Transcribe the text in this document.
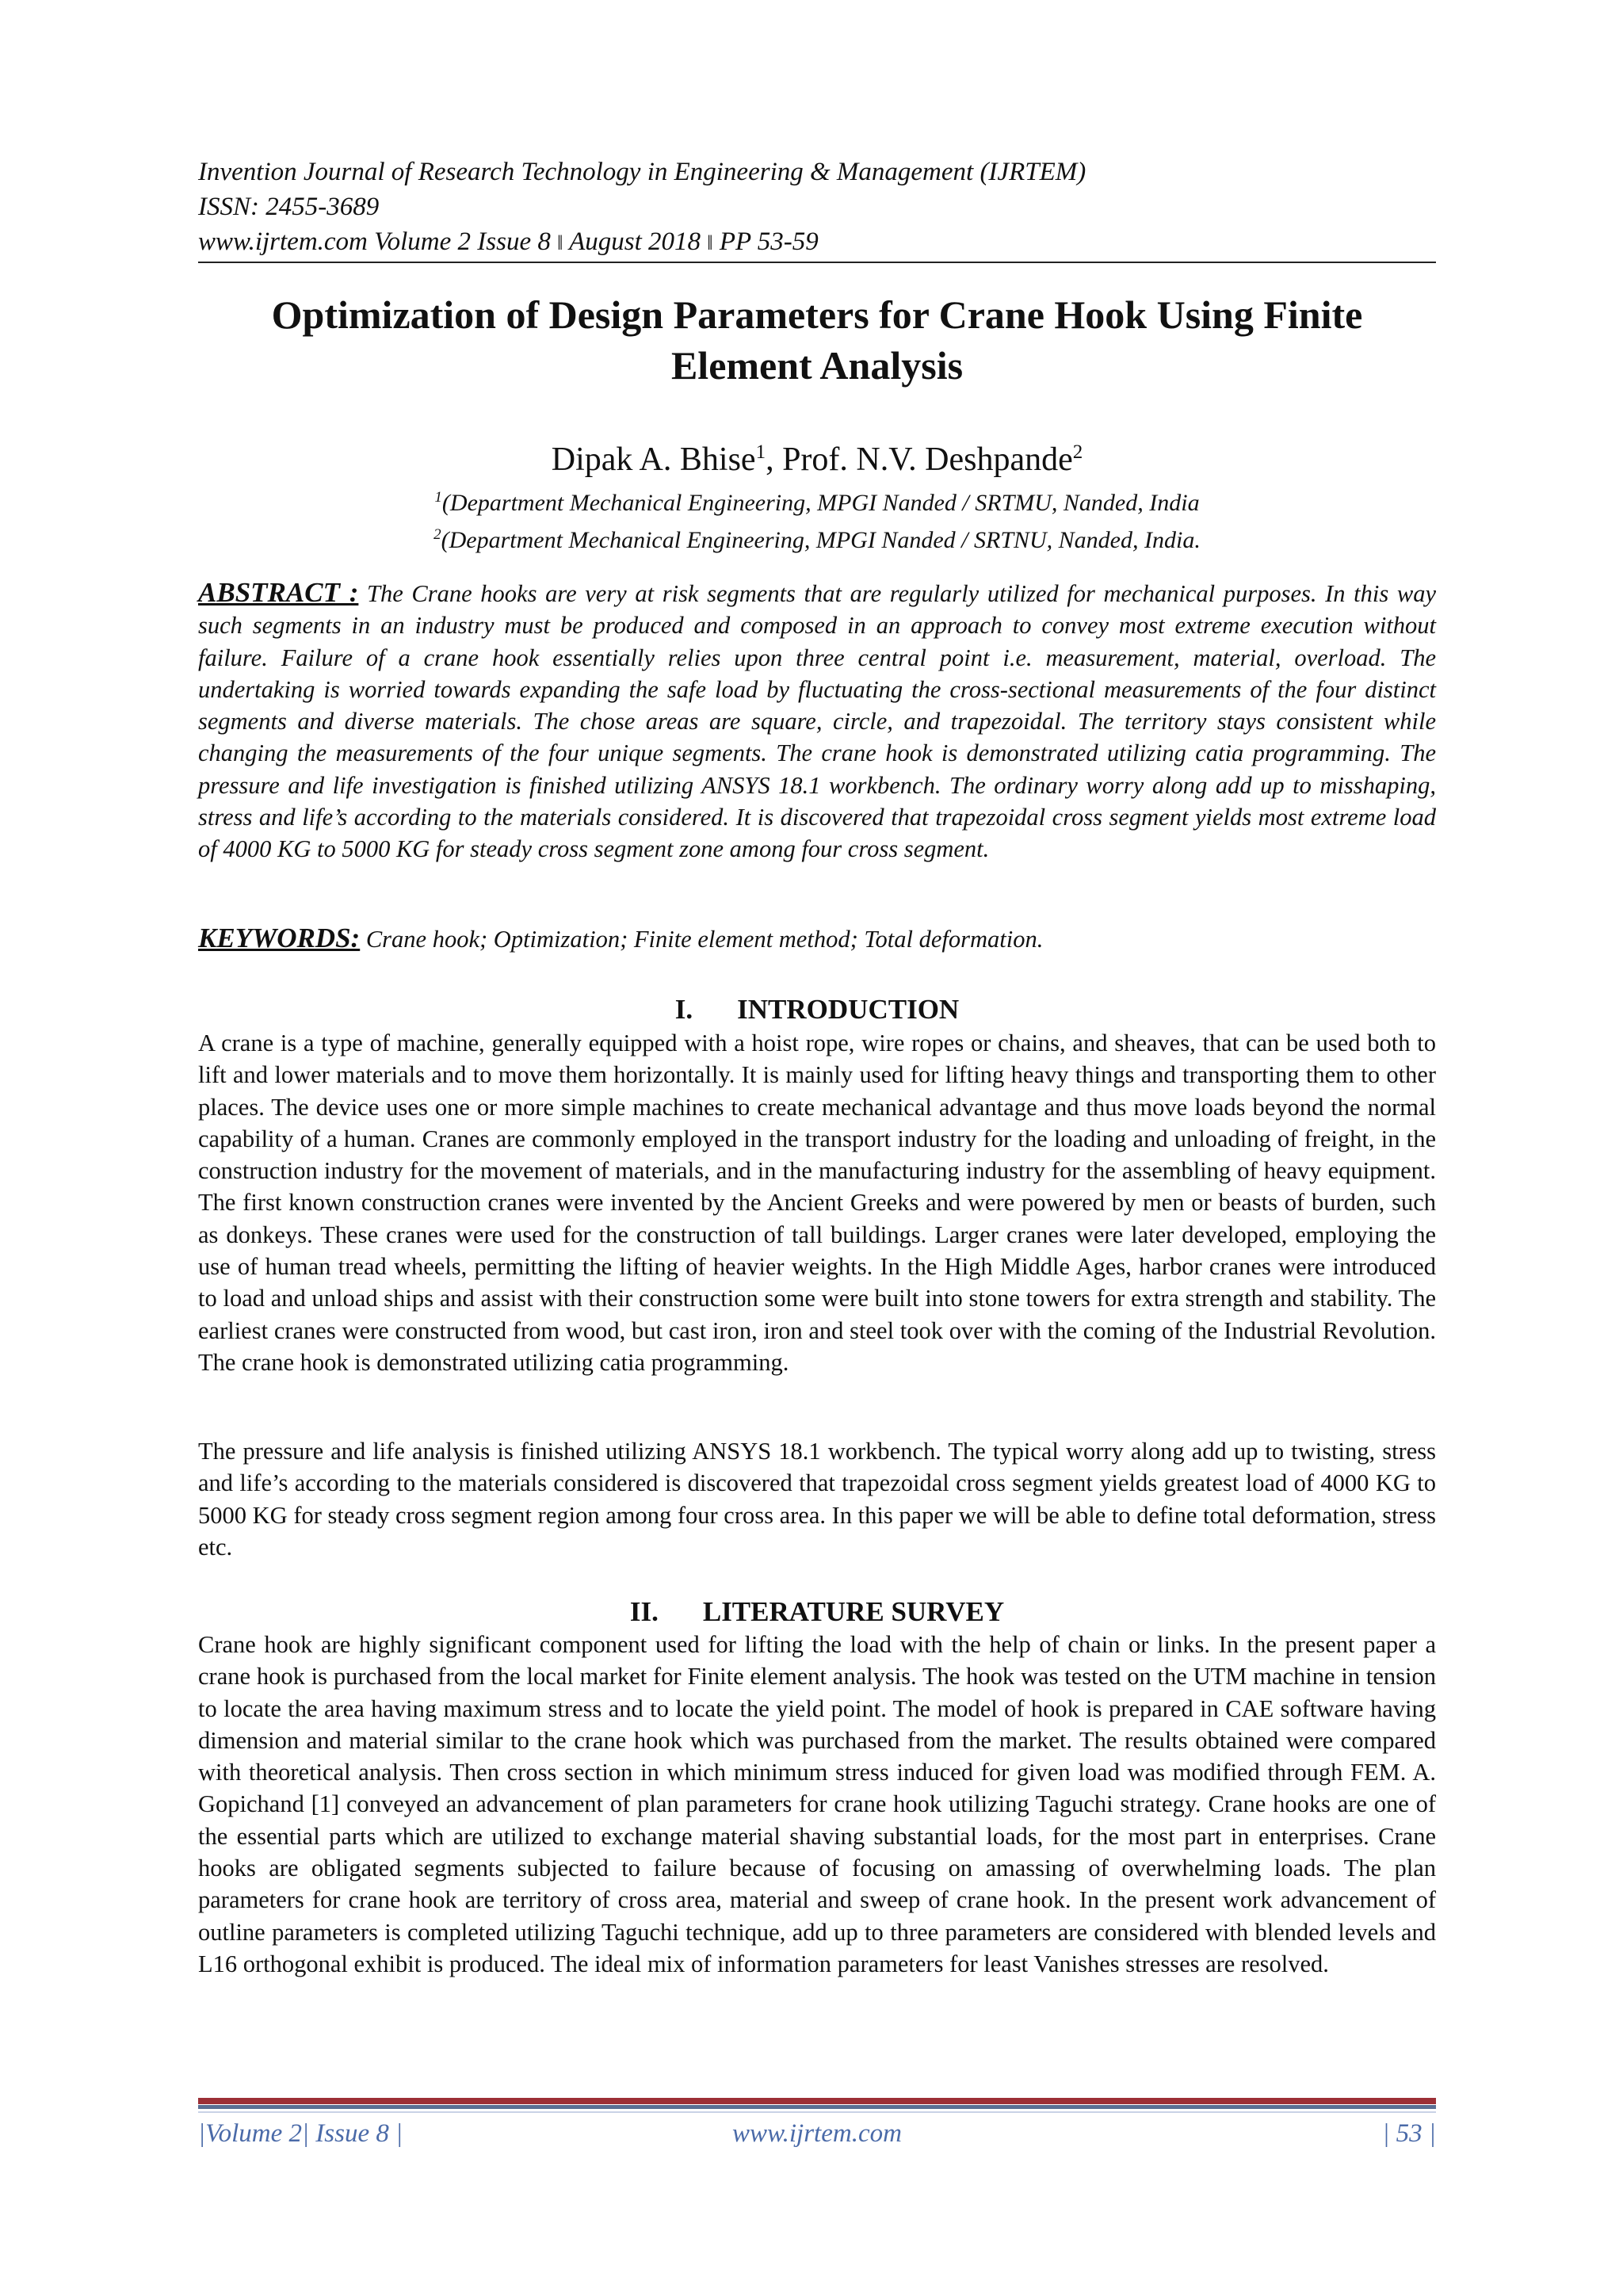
Invention Journal of Research Technology in Engineering & Management (IJRTEM)
ISSN: 2455-3689
www.ijrtem.com Volume 2 Issue 8 ǁ August 2018 ǁ PP 53-59
Optimization of Design Parameters for Crane Hook Using Finite
Element Analysis
Dipak A. Bhise$^1$, Prof. N.V. Deshpande$^2$
$^1$(Department Mechanical Engineering, MPGI Nanded / SRTMU, Nanded, India
$^2$(Department Mechanical Engineering, MPGI Nanded / SRTNU, Nanded, India.
ABSTRACT : The Crane hooks are very at risk segments that are regularly utilized for mechanical purposes. In this way such segments in an industry must be produced and composed in an approach to convey most extreme execution without failure. Failure of a crane hook essentially relies upon three central point i.e. measurement, material, overload. The undertaking is worried towards expanding the safe load by fluctuating the cross-sectional measurements of the four distinct segments and diverse materials. The chose areas are square, circle, and trapezoidal. The territory stays consistent while changing the measurements of the four unique segments. The crane hook is demonstrated utilizing catia programming. The pressure and life investigation is finished utilizing ANSYS 18.1 workbench. The ordinary worry along add up to misshaping, stress and life’s according to the materials considered. It is discovered that trapezoidal cross segment yields most extreme load of 4000 KG to 5000 KG for steady cross segment zone among four cross segment.
KEYWORDS: Crane hook; Optimization; Finite element method; Total deformation.
I. INTRODUCTION
A crane is a type of machine, generally equipped with a hoist rope, wire ropes or chains, and sheaves, that can be used both to lift and lower materials and to move them horizontally. It is mainly used for lifting heavy things and transporting them to other places. The device uses one or more simple machines to create mechanical advantage and thus move loads beyond the normal capability of a human. Cranes are commonly employed in the transport industry for the loading and unloading of freight, in the construction industry for the movement of materials, and in the manufacturing industry for the assembling of heavy equipment. The first known construction cranes were invented by the Ancient Greeks and were powered by men or beasts of burden, such as donkeys. These cranes were used for the construction of tall buildings. Larger cranes were later developed, employing the use of human tread wheels, permitting the lifting of heavier weights. In the High Middle Ages, harbor cranes were introduced to load and unload ships and assist with their construction some were built into stone towers for extra strength and stability. The earliest cranes were constructed from wood, but cast iron, iron and steel took over with the coming of the Industrial Revolution. The crane hook is demonstrated utilizing catia programming.
The pressure and life analysis is finished utilizing ANSYS 18.1 workbench. The typical worry along add up to twisting, stress and life’s according to the materials considered is discovered that trapezoidal cross segment yields greatest load of 4000 KG to 5000 KG for steady cross segment region among four cross area. In this paper we will be able to define total deformation, stress etc.
II. LITERATURE SURVEY
Crane hook are highly significant component used for lifting the load with the help of chain or links. In the present paper a crane hook is purchased from the local market for Finite element analysis. The hook was tested on the UTM machine in tension to locate the area having maximum stress and to locate the yield point. The model of hook is prepared in CAE software having dimension and material similar to the crane hook which was purchased from the market. The results obtained were compared with theoretical analysis. Then cross section in which minimum stress induced for given load was modified through FEM. A. Gopichand [1] conveyed an advancement of plan parameters for crane hook utilizing Taguchi strategy. Crane hooks are one of the essential parts which are utilized to exchange material shaving substantial loads, for the most part in enterprises. Crane hooks are obligated segments subjected to failure because of focusing on amassing of overwhelming loads. The plan parameters for crane hook are territory of cross area, material and sweep of crane hook. In the present work advancement of outline parameters is completed utilizing Taguchi technique, add up to three parameters are considered with blended levels and L16 orthogonal exhibit is produced. The ideal mix of information parameters for least Vanishes stresses are resolved.
|Volume 2| Issue 8 |	www.ijrtem.com	| 53 |
